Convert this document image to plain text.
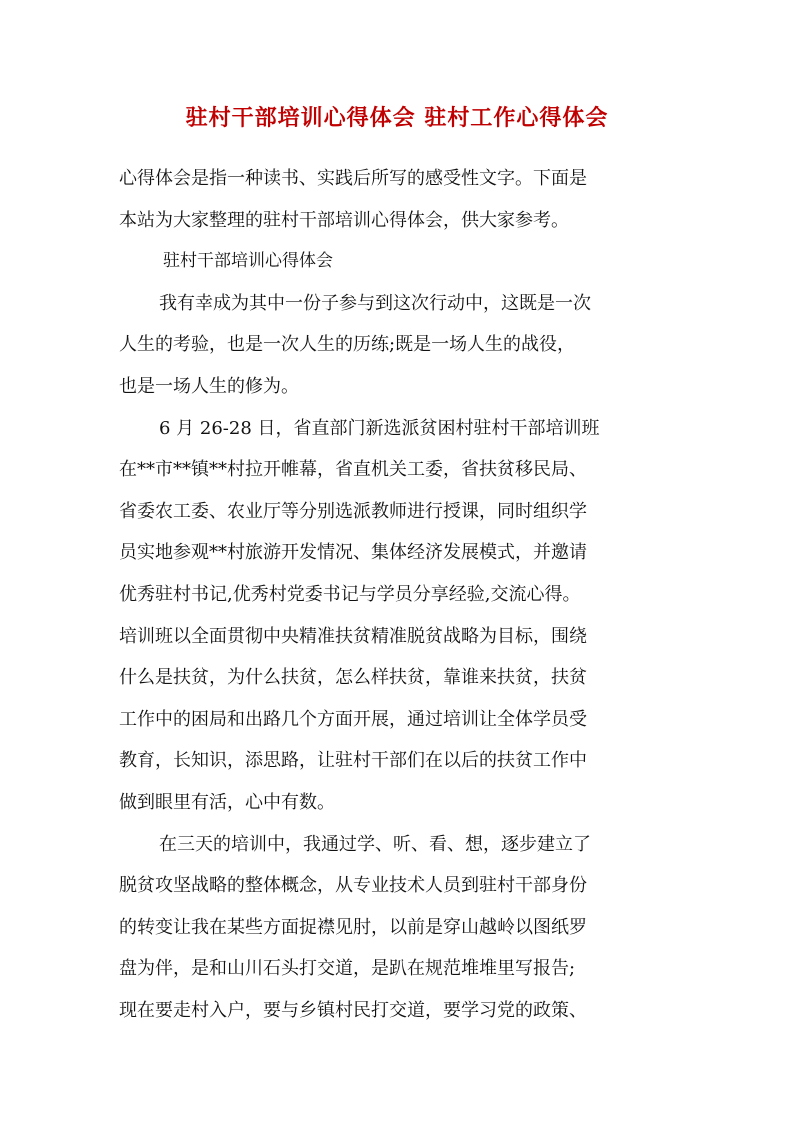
驻村干部培训心得体会 驻村工作心得体会
心得体会是指一种读书、实践后所写的感受性文字。下面是
本站为大家整理的驻村干部培训心得体会，供大家参考。
驻村干部培训心得体会
我有幸成为其中一份子参与到这次行动中，这既是一次
人生的考验，也是一次人生的历练;既是一场人生的战役，
也是一场人生的修为。
6 月 26-28 日，省直部门新选派贫困村驻村干部培训班
在**市**镇**村拉开帷幕，省直机关工委，省扶贫移民局、
省委农工委、农业厅等分别选派教师进行授课，同时组织学
员实地参观**村旅游开发情况、集体经济发展模式，并邀请
优秀驻村书记,优秀村党委书记与学员分享经验,交流心得。
培训班以全面贯彻中央精准扶贫精准脱贫战略为目标，围绕
什么是扶贫，为什么扶贫，怎么样扶贫，靠谁来扶贫，扶贫
工作中的困局和出路几个方面开展，通过培训让全体学员受
教育，长知识，添思路，让驻村干部们在以后的扶贫工作中
做到眼里有活，心中有数。
在三天的培训中，我通过学、听、看、想，逐步建立了
脱贫攻坚战略的整体概念，从专业技术人员到驻村干部身份
的转变让我在某些方面捉襟见肘，以前是穿山越岭以图纸罗
盘为伴，是和山川石头打交道，是趴在规范堆堆里写报告;
现在要走村入户，要与乡镇村民打交道，要学习党的政策、
